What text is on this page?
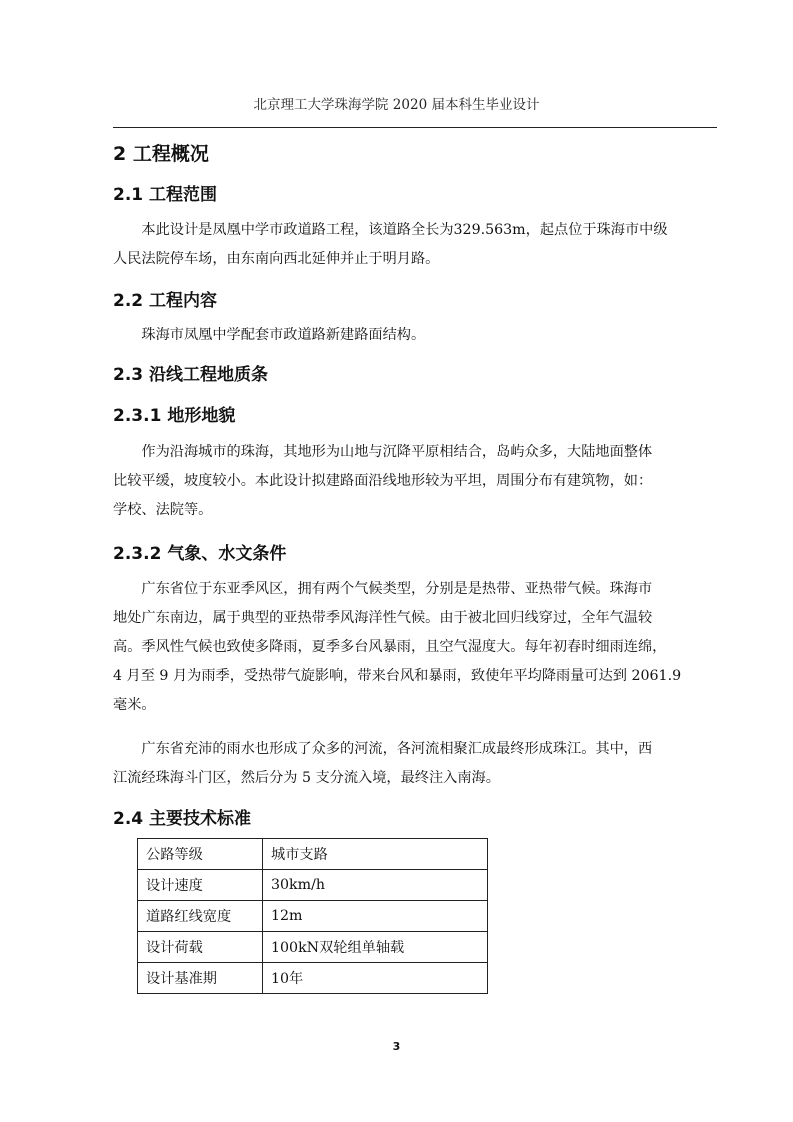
北京理工大学珠海学院 2020 届本科生毕业设计
2 工程概况
2.1 工程范围
本此设计是凤凰中学市政道路工程，该道路全长为329.563m，起点位于珠海市中级
人民法院停车场，由东南向西北延伸并止于明月路。
2.2 工程内容
珠海市凤凰中学配套市政道路新建路面结构。
2.3 沿线工程地质条
2.3.1 地形地貌
作为沿海城市的珠海，其地形为山地与沉降平原相结合，岛屿众多，大陆地面整体
比较平缓，坡度较小。本此设计拟建路面沿线地形较为平坦，周围分布有建筑物，如：
学校、法院等。
2.3.2 气象、水文条件
广东省位于东亚季风区，拥有两个气候类型，分别是是热带、亚热带气候。珠海市
地处广东南边，属于典型的亚热带季风海洋性气候。由于被北回归线穿过，全年气温较
高。季风性气候也致使多降雨，夏季多台风暴雨，且空气湿度大。每年初春时细雨连绵，
4 月至 9 月为雨季，受热带气旋影响，带来台风和暴雨，致使年平均降雨量可达到 2061.9
毫米。
广东省充沛的雨水也形成了众多的河流，各河流相聚汇成最终形成珠江。其中，西
江流经珠海斗门区，然后分为 5 支分流入境，最终注入南海。
2.4 主要技术标准
公路等级	城市支路
设计速度	30km/h
道路红线宽度	12m
设计荷载	100kN双轮组单轴载
设计基准期	10年
3
